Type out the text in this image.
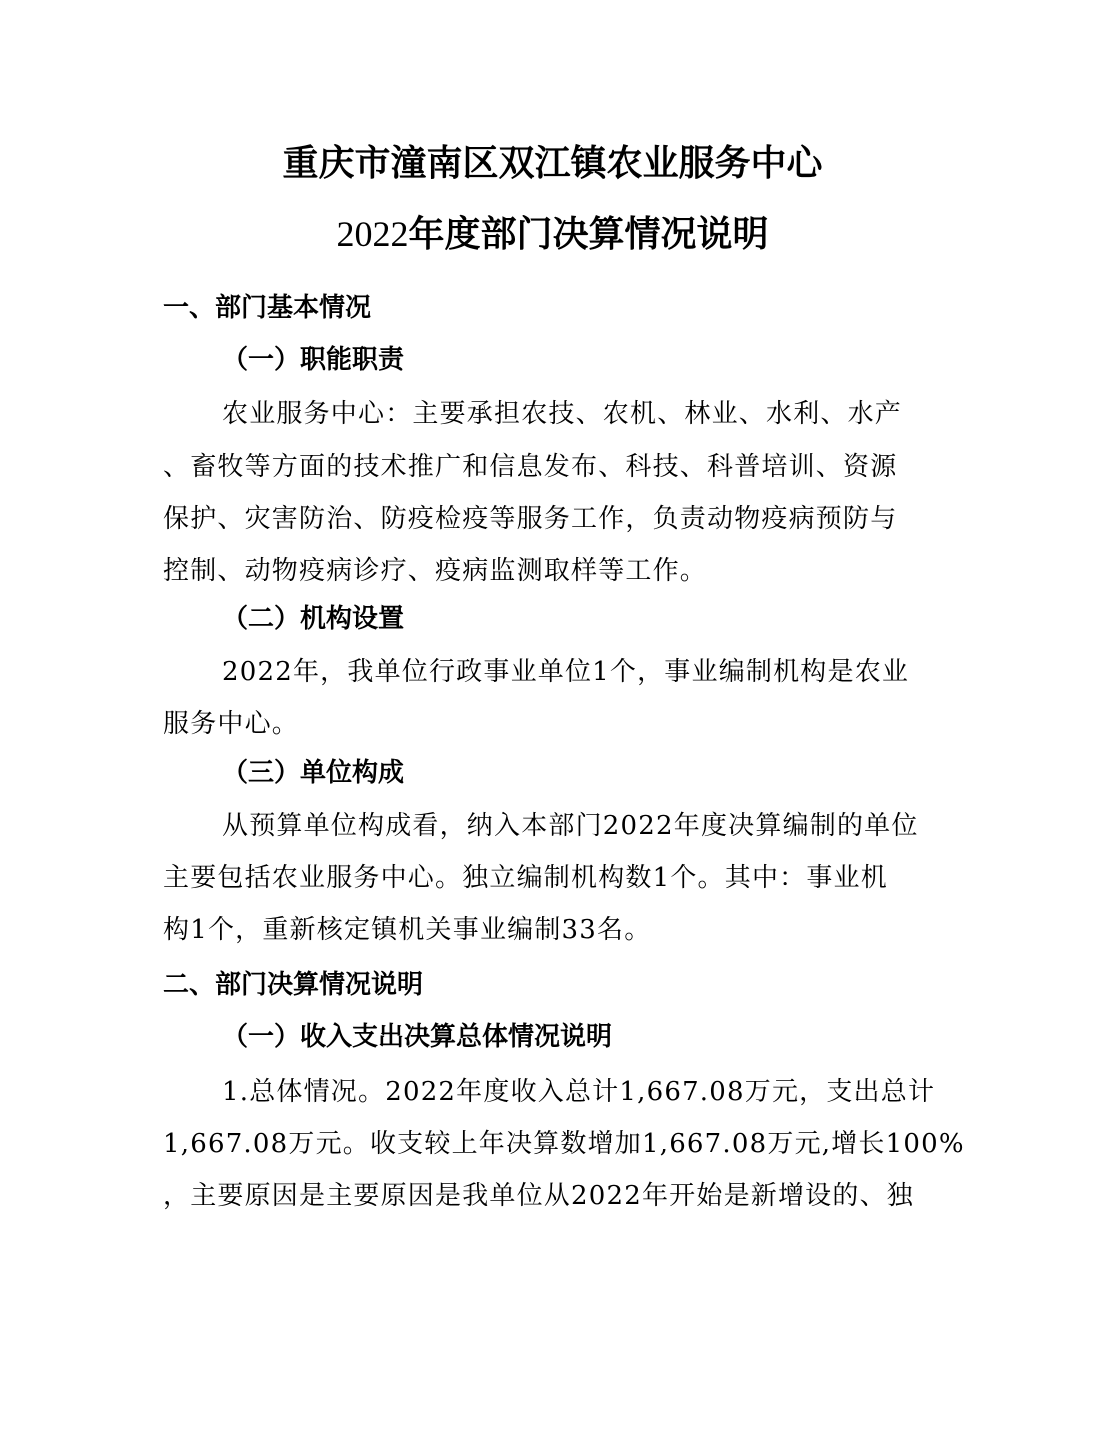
重庆市潼南区双江镇农业服务中心
2022年度部门决算情况说明
一、部门基本情况
（一）职能职责
农业服务中心：主要承担农技、农机、林业、水利、水产
、畜牧等方面的技术推广和信息发布、科技、科普培训、资源
保护、灾害防治、防疫检疫等服务工作，负责动物疫病预防与
控制、动物疫病诊疗、疫病监测取样等工作。
（二）机构设置
2022年，我单位行政事业单位1个，事业编制机构是农业
服务中心。
（三）单位构成
从预算单位构成看，纳入本部门2022年度决算编制的单位
主要包括农业服务中心。独立编制机构数1个。其中：事业机
构1个，重新核定镇机关事业编制33名。
二、部门决算情况说明
（一）收入支出决算总体情况说明
1.总体情况。2022年度收入总计1,667.08万元，支出总计
1,667.08万元。收支较上年决算数增加1,667.08万元,增长100%
，主要原因是主要原因是我单位从2022年开始是新增设的、独
